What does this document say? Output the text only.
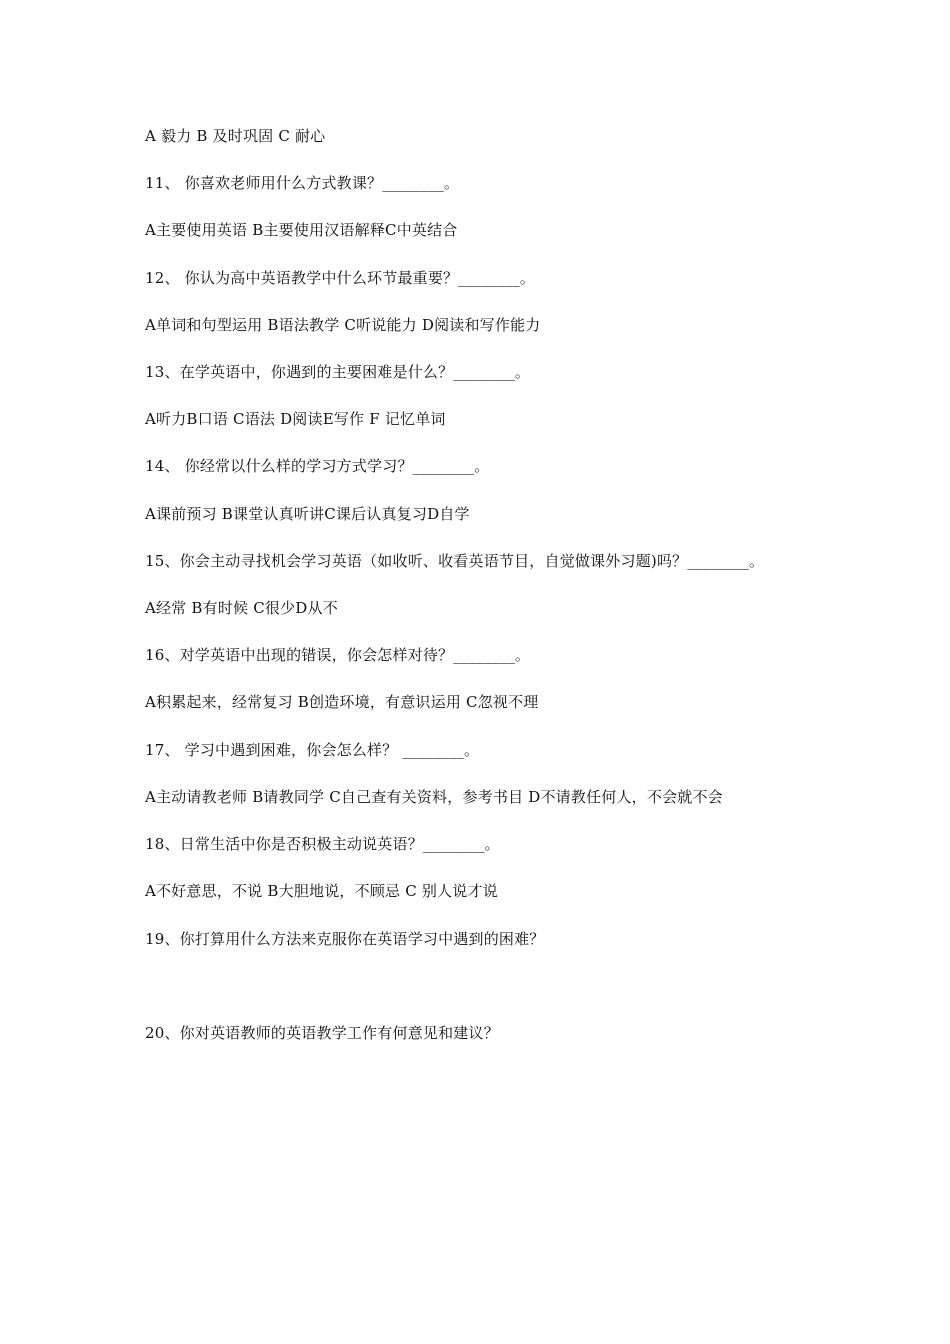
A 毅力 B 及时巩固 C 耐心
11、 你喜欢老师用什么方式教课？________。
A主要使用英语 B主要使用汉语解释C中英结合
12、 你认为高中英语教学中什么环节最重要？________。
A单词和句型运用 B语法教学 C听说能力 D阅读和写作能力
13、在学英语中，你遇到的主要困难是什么？________。
A听力B口语 C语法 D阅读E写作 F 记忆单词
14、 你经常以什么样的学习方式学习？________。
A课前预习 B课堂认真听讲C课后认真复习D自学
15、你会主动寻找机会学习英语（如收听、收看英语节目，自觉做课外习题)吗？________。
A经常 B有时候 C很少D从不
16、对学英语中出现的错误，你会怎样对待？________。
A积累起来，经常复习 B创造环境，有意识运用 C忽视不理
17、 学习中遇到困难，你会怎么样？ ________。
A主动请教老师 B请教同学 C自己查有关资料，参考书目 D不请教任何人，不会就不会
18、日常生活中你是否积极主动说英语？________。
A不好意思，不说 B大胆地说，不顾忌 C 别人说才说
19、你打算用什么方法来克服你在英语学习中遇到的困难？
20、你对英语教师的英语教学工作有何意见和建议？
